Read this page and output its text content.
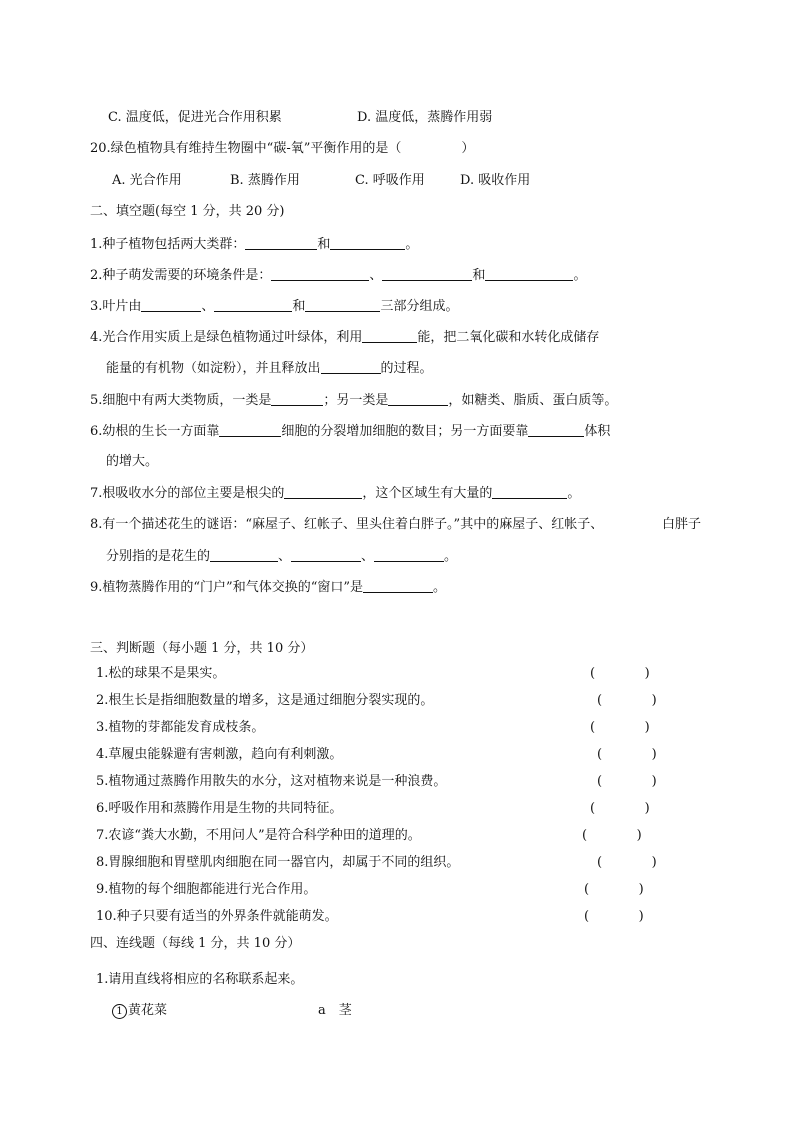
C. 温度低，促进光合作用积累	D. 温度低，蒸腾作用弱
20.绿色植物具有维持生物圈中“碳-氧”平衡作用的是（	）
A. 光合作用	B. 蒸腾作用	C. 呼吸作用	D. 吸收作用
二、填空题(每空 1 分，共 20 分)
1.种子植物包括两大类群：	和	。
2.种子萌发需要的环境条件是：	、	和	。
3.叶片由	、	和	三部分组成。
4.光合作用实质上是绿色植物通过叶绿体，利用	能，把二氧化碳和水转化成储存
能量的有机物（如淀粉），并且释放出	的过程。
5.细胞中有两大类物质，一类是	；另一类是	，如糖类、脂质、蛋白质等。
6.幼根的生长一方面靠	细胞的分裂增加细胞的数目；另一方面要靠	体积
的增大。
7.根吸收水分的部位主要是根尖的	，这个区域生有大量的	。
8.有一个描述花生的谜语：“麻屋子、红帐子、里头住着白胖子。”其中的麻屋子、红帐子、	白胖子
分别指的是花生的	、	、	。
9.植物蒸腾作用的“门户”和气体交换的“窗口”是	。
三、判断题（每小题 1 分，共 10 分）
1.松的球果不是果实。	(            )
2.根生长是指细胞数量的增多，这是通过细胞分裂实现的。	(            )
3.植物的芽都能发育成枝条。	(            )
4.草履虫能躲避有害刺激，趋向有利刺激。	(            )
5.植物通过蒸腾作用散失的水分，这对植物来说是一种浪费。	(            )
6.呼吸作用和蒸腾作用是生物的共同特征。	(            )
7.农谚“粪大水勤，不用问人”是符合科学种田的道理的。	(            )
8.胃腺细胞和胃壁肌肉细胞在同一器官内，却属于不同的组织。	(            )
9.植物的每个细胞都能进行光合作用。	(            )
10.种子只要有适当的外界条件就能萌发。	(            )
四、连线题（每线 1 分，共 10 分）
1.请用直线将相应的名称联系起来。
1 黄花菜	a　茎
